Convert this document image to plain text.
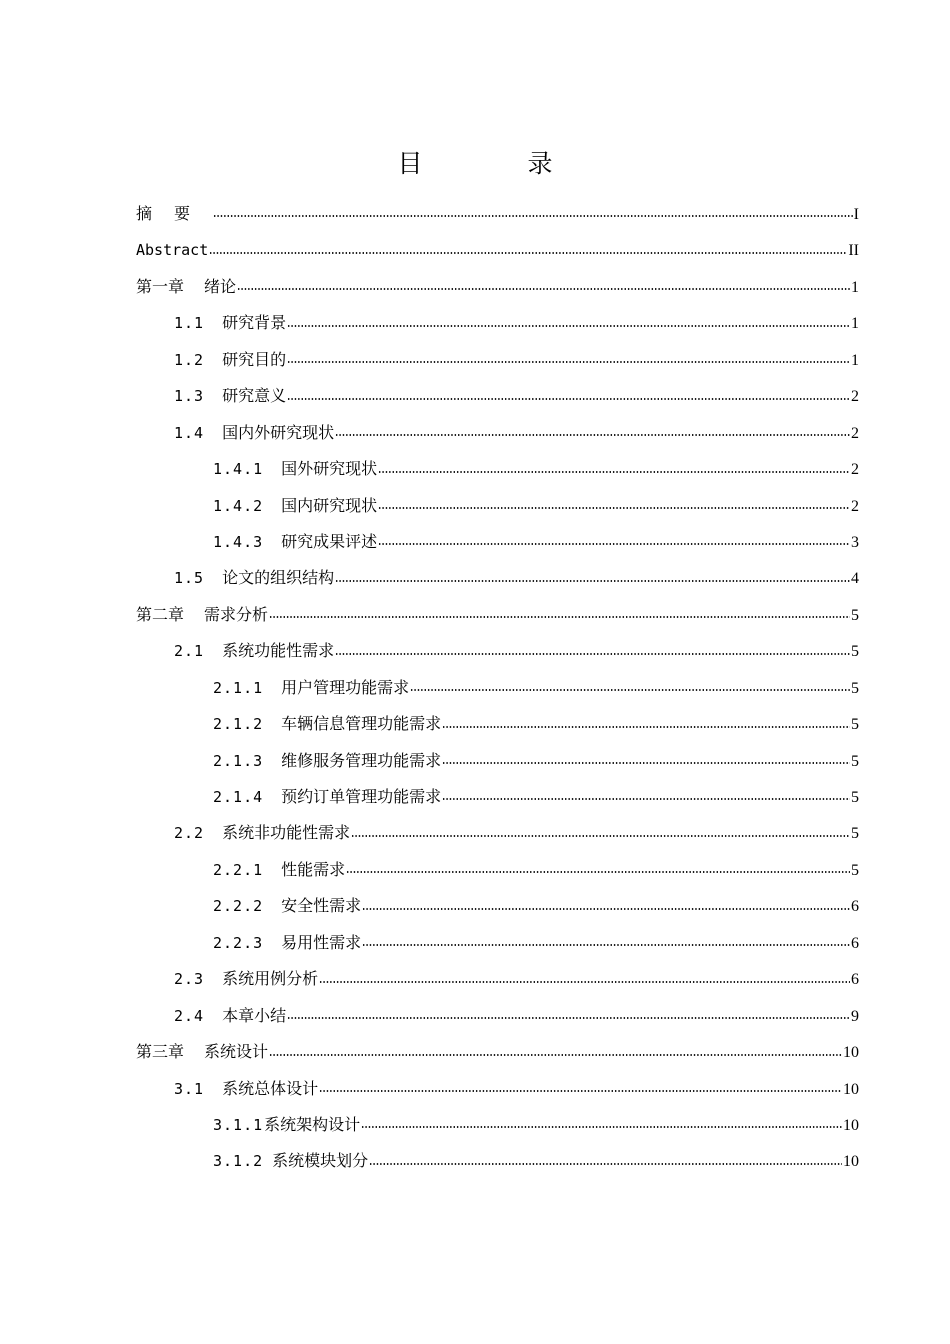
目　录
摘要	I
Abstract	II
第一章 绪论	1
1.1 研究背景	1
1.2 研究目的	1
1.3 研究意义	2
1.4 国内外研究现状	2
1.4.1 国外研究现状	2
1.4.2 国内研究现状	2
1.4.3 研究成果评述	3
1.5 论文的组织结构	4
第二章 需求分析	5
2.1 系统功能性需求	5
2.1.1 用户管理功能需求	5
2.1.2 车辆信息管理功能需求	5
2.1.3 维修服务管理功能需求	5
2.1.4 预约订单管理功能需求	5
2.2 系统非功能性需求	5
2.2.1 性能需求	5
2.2.2 安全性需求	6
2.2.3 易用性需求	6
2.3 系统用例分析	6
2.4 本章小结	9
第三章 系统设计	10
3.1 系统总体设计	10
3.1.1 系统架构设计	10
3.1.2 系统模块划分	10
